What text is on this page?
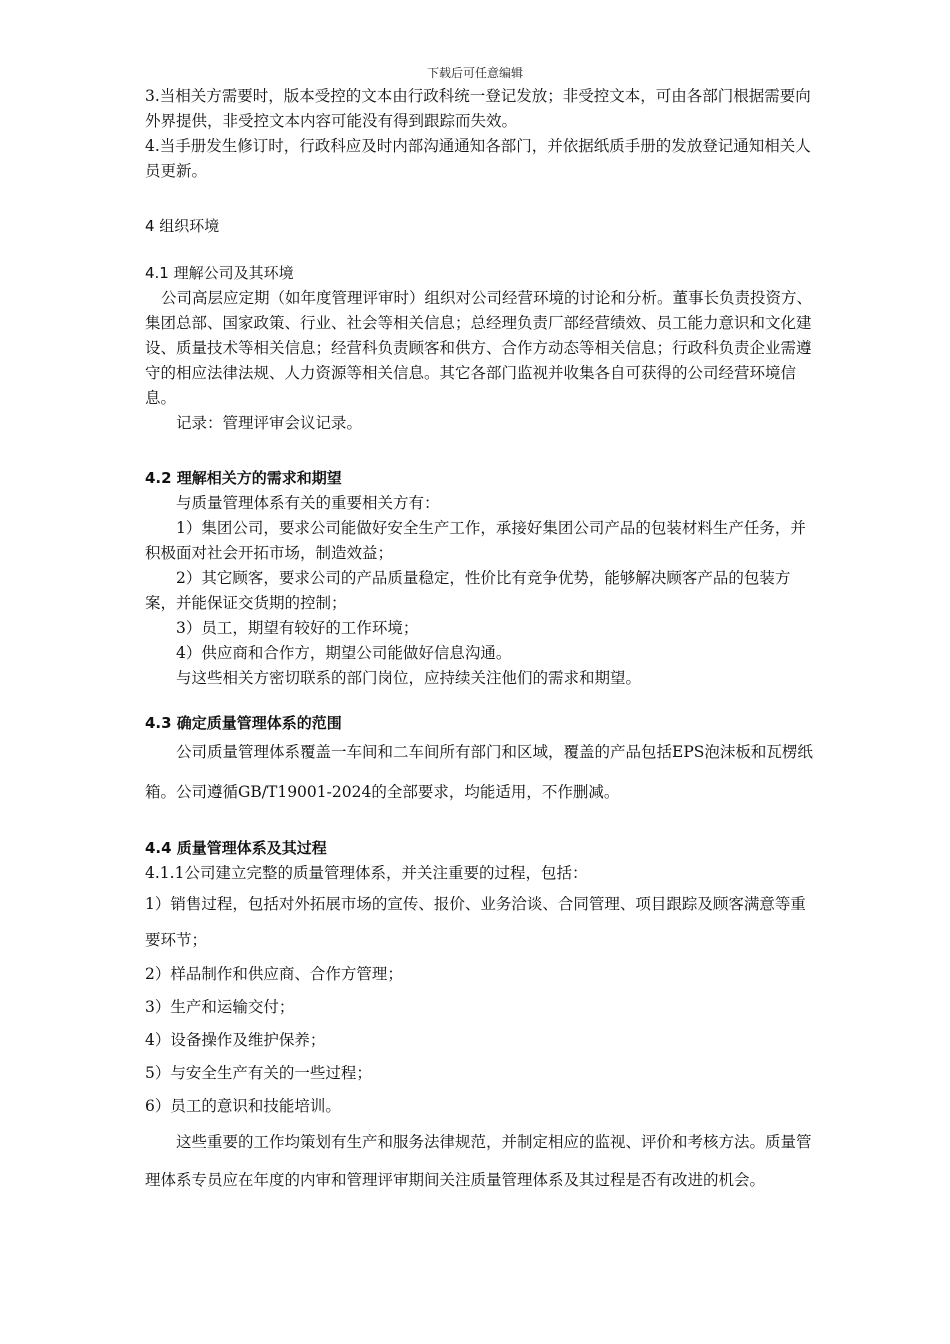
下载后可任意编辑

3.当相关方需要时，版本受控的文本由行政科统一登记发放；非受控文本，可由各部门根据需要向外界提供，非受控文本内容可能没有得到跟踪而失效。

4.当手册发生修订时，行政科应及时内部沟通通知各部门，并依据纸质手册的发放登记通知相关人员更新。

4 组织环境

4.1 理解公司及其环境

公司高层应定期（如年度管理评审时）组织对公司经营环境的讨论和分析。董事长负责投资方、集团总部、国家政策、行业、社会等相关信息；总经理负责厂部经营绩效、员工能力意识和文化建设、质量技术等相关信息；经营科负责顾客和供方、合作方动态等相关信息；行政科负责企业需遵守的相应法律法规、人力资源等相关信息。其它各部门监视并收集各自可获得的公司经营环境信息。

记录：管理评审会议记录。

4.2 理解相关方的需求和期望

与质量管理体系有关的重要相关方有：

1）集团公司，要求公司能做好安全生产工作，承接好集团公司产品的包装材料生产任务，并积极面对社会开拓市场，制造效益；

2）其它顾客，要求公司的产品质量稳定，性价比有竞争优势，能够解决顾客产品的包装方案，并能保证交货期的控制；

3）员工，期望有较好的工作环境；

4）供应商和合作方，期望公司能做好信息沟通。

与这些相关方密切联系的部门岗位，应持续关注他们的需求和期望。

4.3 确定质量管理体系的范围

公司质量管理体系覆盖一车间和二车间所有部门和区域，覆盖的产品包括EPS泡沫板和瓦楞纸箱。公司遵循GB/T19001-2024的全部要求，均能适用，不作删减。

4.4 质量管理体系及其过程

4.1.1公司建立完整的质量管理体系，并关注重要的过程，包括：

1）销售过程，包括对外拓展市场的宣传、报价、业务洽谈、合同管理、项目跟踪及顾客满意等重要环节；

2）样品制作和供应商、合作方管理；

3）生产和运输交付；

4）设备操作及维护保养；

5）与安全生产有关的一些过程；

6）员工的意识和技能培训。

这些重要的工作均策划有生产和服务法律规范，并制定相应的监视、评价和考核方法。质量管理体系专员应在年度的内审和管理评审期间关注质量管理体系及其过程是否有改进的机会。
